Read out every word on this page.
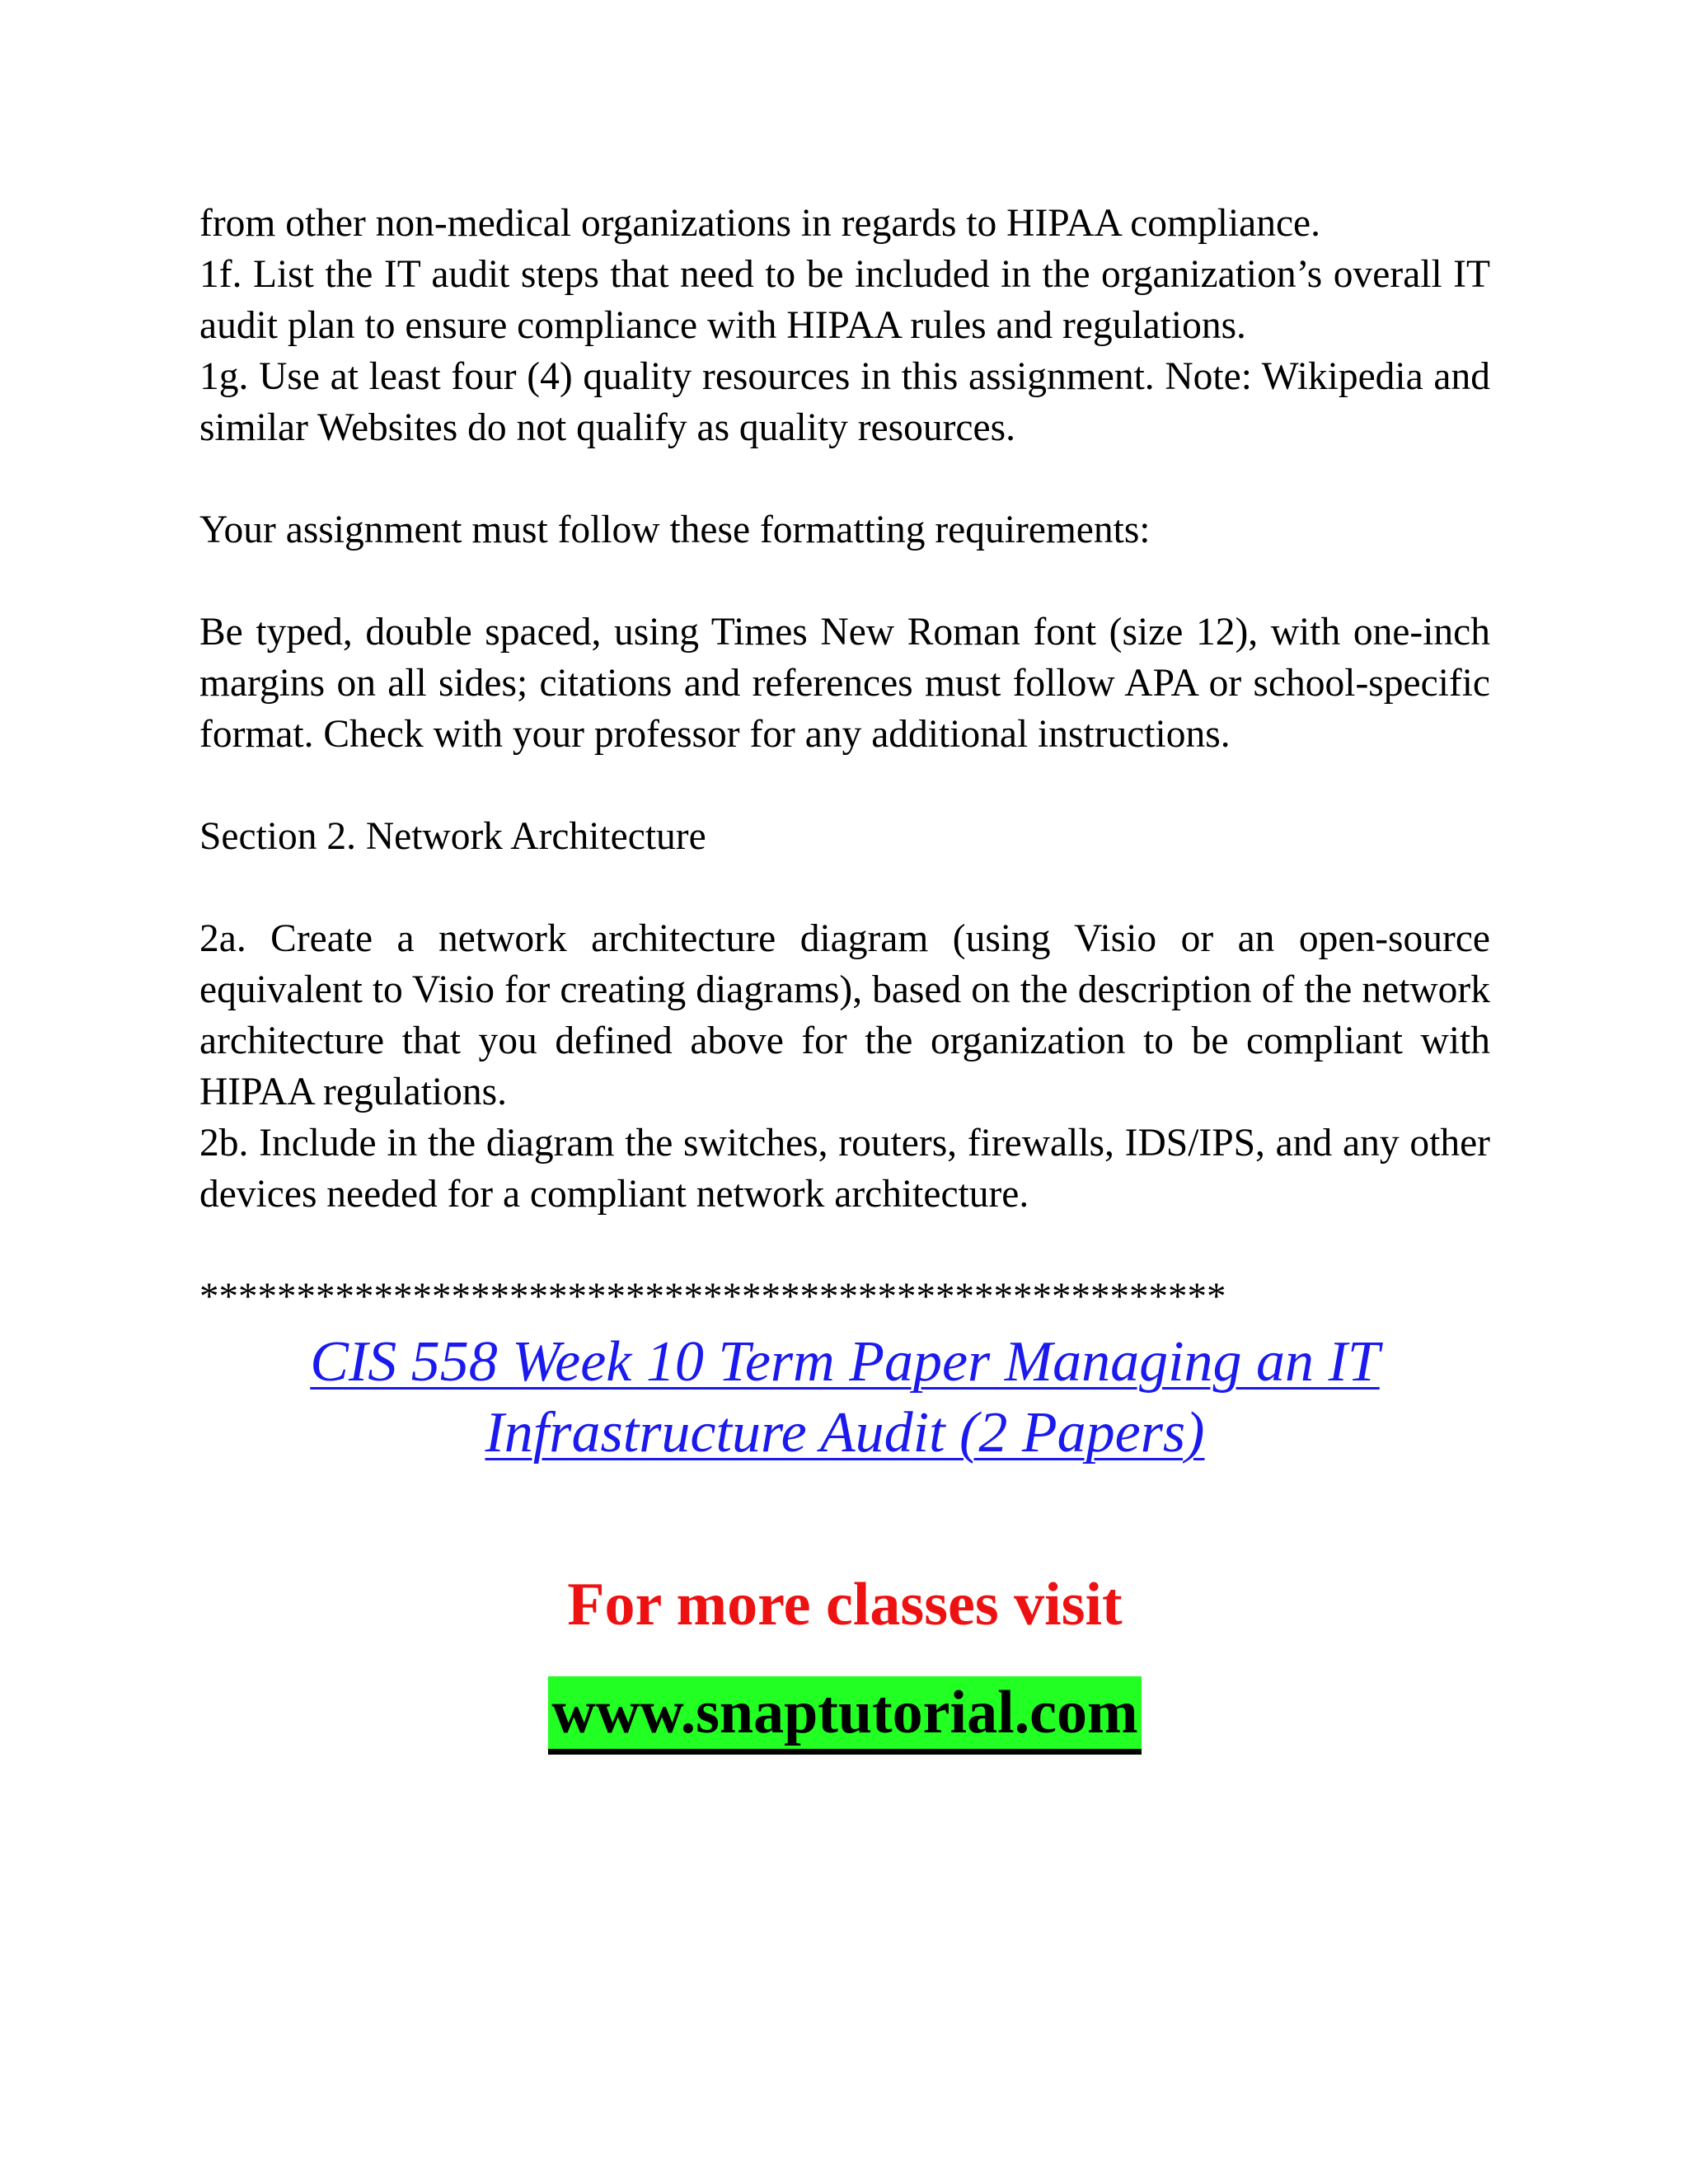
from other non-medical organizations in regards to HIPAA compliance.

1f. List the IT audit steps that need to be included in the organization’s overall IT audit plan to ensure compliance with HIPAA rules and regulations.

1g. Use at least four (4) quality resources in this assignment. Note: Wikipedia and similar Websites do not qualify as quality resources.

Your assignment must follow these formatting requirements:

Be typed, double spaced, using Times New Roman font (size 12), with one-inch margins on all sides; citations and references must follow APA or school-specific format. Check with your professor for any additional instructions.

Section 2. Network Architecture

2a. Create a network architecture diagram (using Visio or an open-source equivalent to Visio for creating diagrams), based on the description of the network architecture that you defined above for the organization to be compliant with HIPAA regulations.

2b. Include in the diagram the switches, routers, firewalls, IDS/IPS, and any other devices needed for a compliant network architecture.

*****************************************************
CIS 558 Week 10 Term Paper Managing an IT
Infrastructure Audit (2 Papers)
For more classes visit
www.snaptutorial.com
